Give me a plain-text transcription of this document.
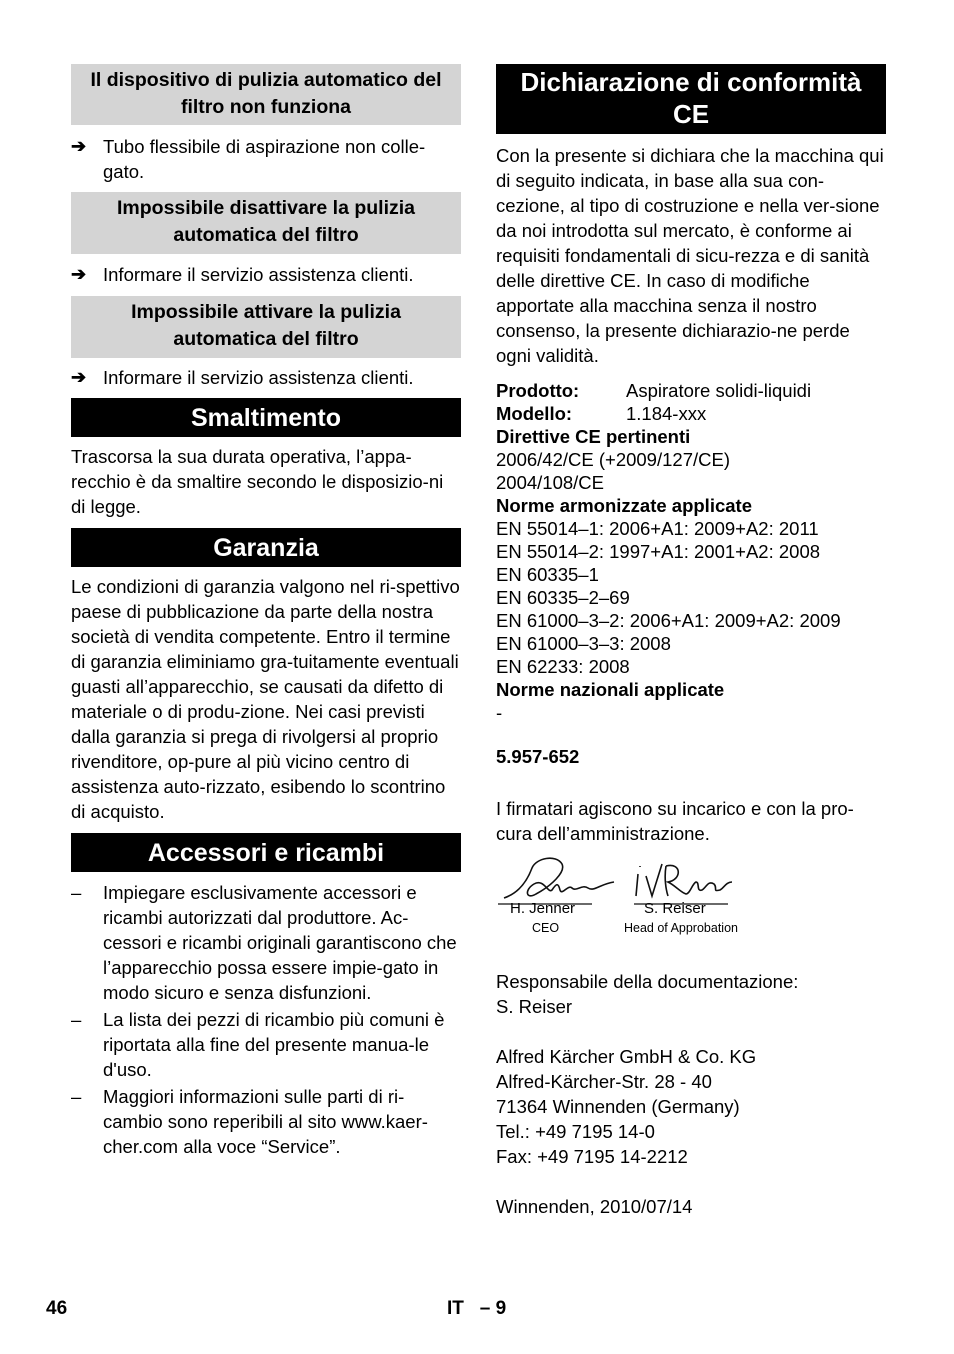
Il dispositivo di pulizia automatico del filtro non funziona
➔ Tubo flessibile di aspirazione non colle-gato.
Impossibile disattivare la pulizia automatica del filtro
➔ Informare il servizio assistenza clienti.
Impossibile attivare la pulizia automatica del filtro
➔ Informare il servizio assistenza clienti.
Smaltimento
Trascorsa la sua durata operativa, l’appa-recchio è da smaltire secondo le disposizio-ni di legge.
Garanzia
Le condizioni di garanzia valgono nel ri-spettivo paese di pubblicazione da parte della nostra società di vendita competente. Entro il termine di garanzia eliminiamo gra-tuitamente eventuali guasti all’apparecchio, se causati da difetto di materiale o di produ-zione. Nei casi previsti dalla garanzia si prega di rivolgersi al proprio rivenditore, op-pure al più vicino centro di assistenza auto-rizzato, esibendo lo scontrino di acquisto.
Accessori e ricambi
– Impiegare esclusivamente accessori e ricambi autorizzati dal produttore. Ac-cessori e ricambi originali garantiscono che l’apparecchio possa essere impie-gato in modo sicuro e senza disfunzioni.
– La lista dei pezzi di ricambio più comuni è riportata alla fine del presente manua-le d'uso.
– Maggiori informazioni sulle parti di ri-cambio sono reperibili al sito www.kaer-cher.com alla voce “Service”.
Dichiarazione di conformità CE
Con la presente si dichiara che la macchina qui di seguito indicata, in base alla sua con-cezione, al tipo di costruzione e nella ver-sione da noi introdotta sul mercato, è conforme ai requisiti fondamentali di sicu-rezza e di sanità delle direttive CE. In caso di modifiche apportate alla macchina senza il nostro consenso, la presente dichiarazio-ne perde ogni validità.
Prodotto:	Aspiratore solidi-liquidi
Modello:	1.184-xxx
Direttive CE pertinenti
2006/42/CE (+2009/127/CE)
2004/108/CE
Norme armonizzate applicate
EN 55014–1: 2006+A1: 2009+A2: 2011
EN 55014–2: 1997+A1: 2001+A2: 2008
EN 60335–1
EN 60335–2–69
EN 61000–3–2: 2006+A1: 2009+A2: 2009
EN 61000–3–3: 2008
EN 62233: 2008
Norme nazionali applicate
-
5.957-652
I firmatari agiscono su incarico e con la pro-cura dell’amministrazione.
H. Jenner
CEO
S. Reiser
Head of Approbation
Responsabile della documentazione:
S. Reiser
Alfred Kärcher GmbH & Co. KG
Alfred-Kärcher-Str. 28 - 40
71364 Winnenden (Germany)
Tel.: +49 7195 14-0
Fax: +49 7195 14-2212
Winnenden, 2010/07/14
46	IT   – 9
